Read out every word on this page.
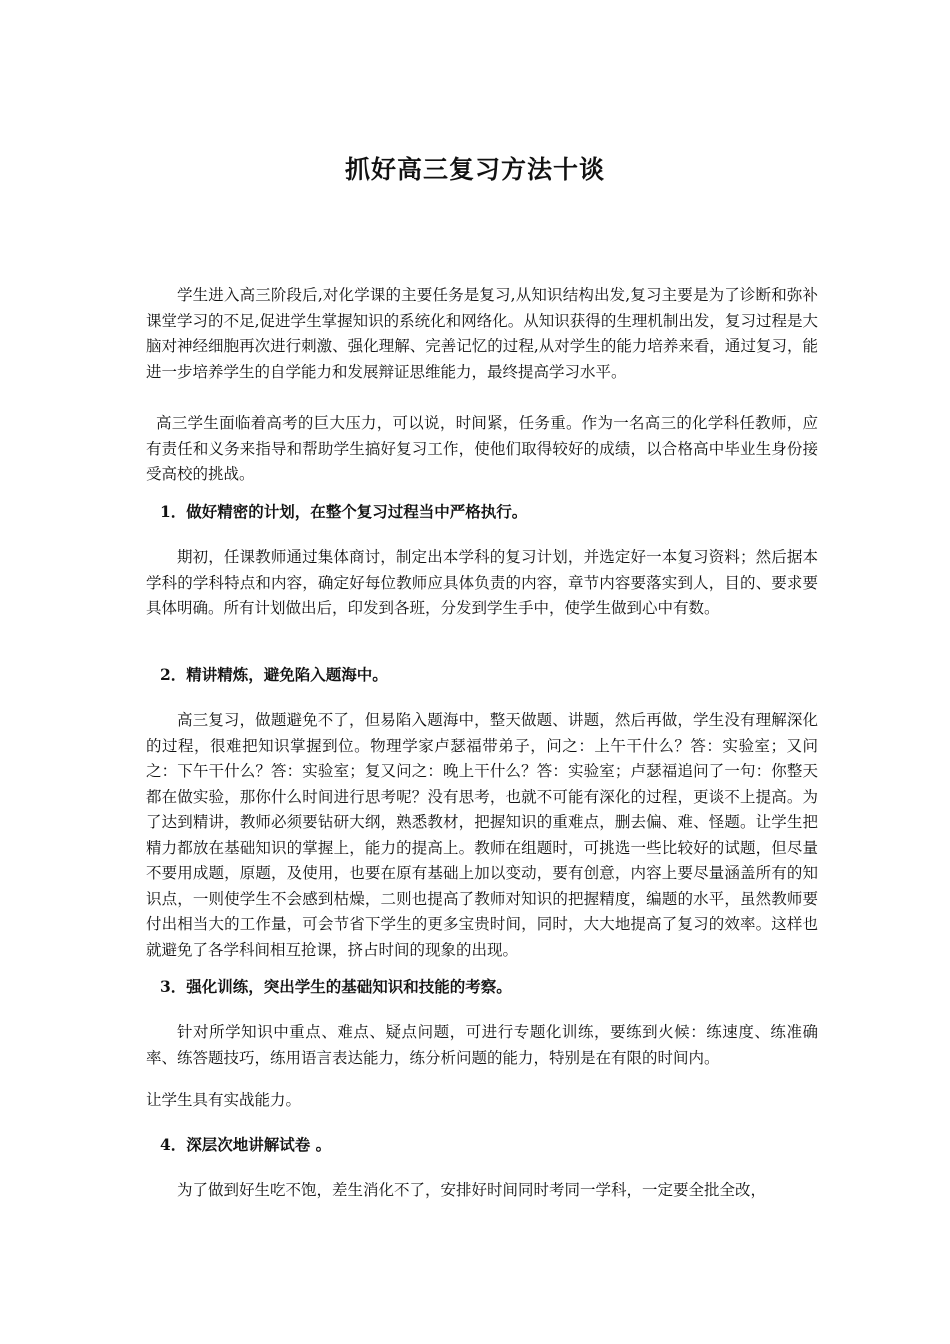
抓好高三复习方法十谈

学生进入高三阶段后,对化学课的主要任务是复习,从知识结构出发,复习主要是为了诊断和弥补课堂学习的不足,促进学生掌握知识的系统化和网络化。从知识获得的生理机制出发，复习过程是大脑对神经细胞再次进行刺激、强化理解、完善记忆的过程,从对学生的能力培养来看，通过复习，能进一步培养学生的自学能力和发展辩证思维能力，最终提高学习水平。

高三学生面临着高考的巨大压力，可以说，时间紧，任务重。作为一名高三的化学科任教师，应有责任和义务来指导和帮助学生搞好复习工作，使他们取得较好的成绩，以合格高中毕业生身份接受高校的挑战。

1．做好精密的计划，在整个复习过程当中严格执行。

期初，任课教师通过集体商讨，制定出本学科的复习计划，并选定好一本复习资料；然后据本学科的学科特点和内容，确定好每位教师应具体负责的内容，章节内容要落实到人，目的、要求要具体明确。所有计划做出后，印发到各班，分发到学生手中，使学生做到心中有数。

2．精讲精炼，避免陷入题海中。

高三复习，做题避免不了，但易陷入题海中，整天做题、讲题，然后再做，学生没有理解深化的过程，很难把知识掌握到位。物理学家卢瑟福带弟子，问之：上午干什么？答：实验室；又问之：下午干什么？答：实验室；复又问之：晚上干什么？答：实验室；卢瑟福追问了一句：你整天都在做实验，那你什么时间进行思考呢？没有思考，也就不可能有深化的过程，更谈不上提高。为了达到精讲，教师必须要钻研大纲，熟悉教材，把握知识的重难点，删去偏、难、怪题。让学生把精力都放在基础知识的掌握上，能力的提高上。教师在组题时，可挑选一些比较好的试题，但尽量不要用成题，原题，及使用，也要在原有基础上加以变动，要有创意，内容上要尽量涵盖所有的知识点，一则使学生不会感到枯燥，二则也提高了教师对知识的把握精度，编题的水平，虽然教师要付出相当大的工作量，可会节省下学生的更多宝贵时间，同时，大大地提高了复习的效率。这样也就避免了各学科间相互抢课，挤占时间的现象的出现。

3．强化训练，突出学生的基础知识和技能的考察。

针对所学知识中重点、难点、疑点问题，可进行专题化训练，要练到火候：练速度、练准确率、练答题技巧，练用语言表达能力，练分析问题的能力，特别是在有限的时间内。

让学生具有实战能力。

4．深层次地讲解试卷 。

为了做到好生吃不饱，差生消化不了，安排好时间同时考同一学科，一定要全批全改，
